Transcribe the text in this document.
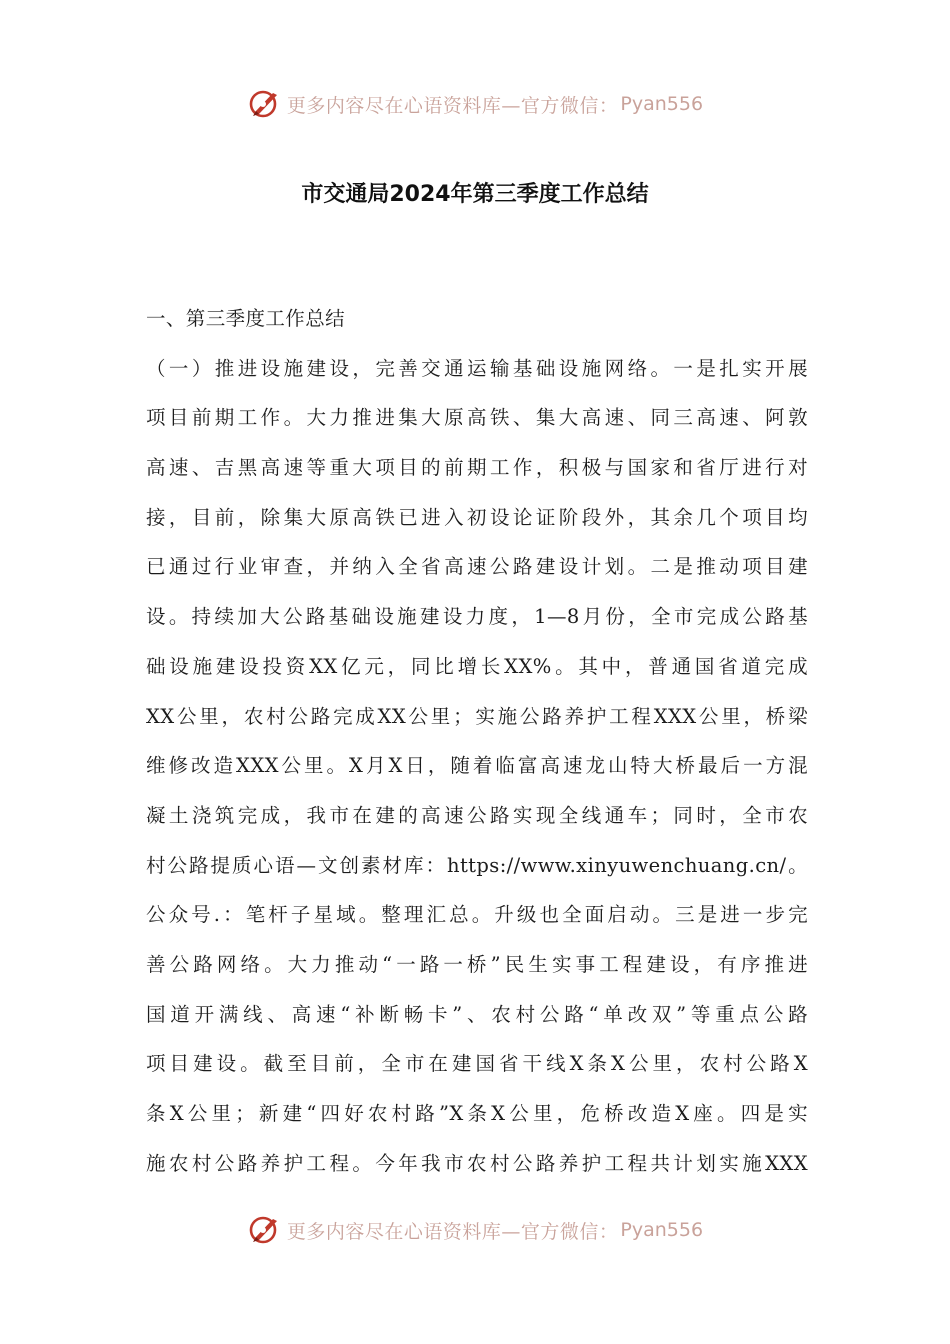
更多内容尽在心语资料库—官方微信： Pyan556
市交通局2024年第三季度工作总结
一、第三季度工作总结
（一）推进设施建设，完善交通运输基础设施网络。一是扎实开展
项目前期工作。大力推进集大原高铁、集大高速、同三高速、阿敦
高速、吉黑高速等重大项目的前期工作，积极与国家和省厅进行对
接，目前，除集大原高铁已进入初设论证阶段外，其余几个项目均
已通过行业审查，并纳入全省高速公路建设计划。二是推动项目建
设。持续加大公路基础设施建设力度，1—8月份，全市完成公路基
础设施建设投资XX亿元，同比增长XX%。其中，普通国省道完成
XX公里，农村公路完成XX公里；实施公路养护工程XXX公里，桥梁
维修改造XXX公里。X月X日，随着临富高速龙山特大桥最后一方混
凝土浇筑完成，我市在建的高速公路实现全线通车；同时，全市农
村公路提质心语—文创素材库：https://www.xinyuwenchuang.cn/。
公众号.：笔杆子星域。整理汇总。升级也全面启动。三是进一步完
善公路网络。大力推动“一路一桥”民生实事工程建设，有序推进
国道开满线、高速“补断畅卡”、农村公路“单改双”等重点公路
项目建设。截至目前，全市在建国省干线X条X公里，农村公路X
条X公里；新建“四好农村路”X条X公里，危桥改造X座。四是实
施农村公路养护工程。今年我市农村公路养护工程共计划实施XXX
更多内容尽在心语资料库—官方微信： Pyan556
